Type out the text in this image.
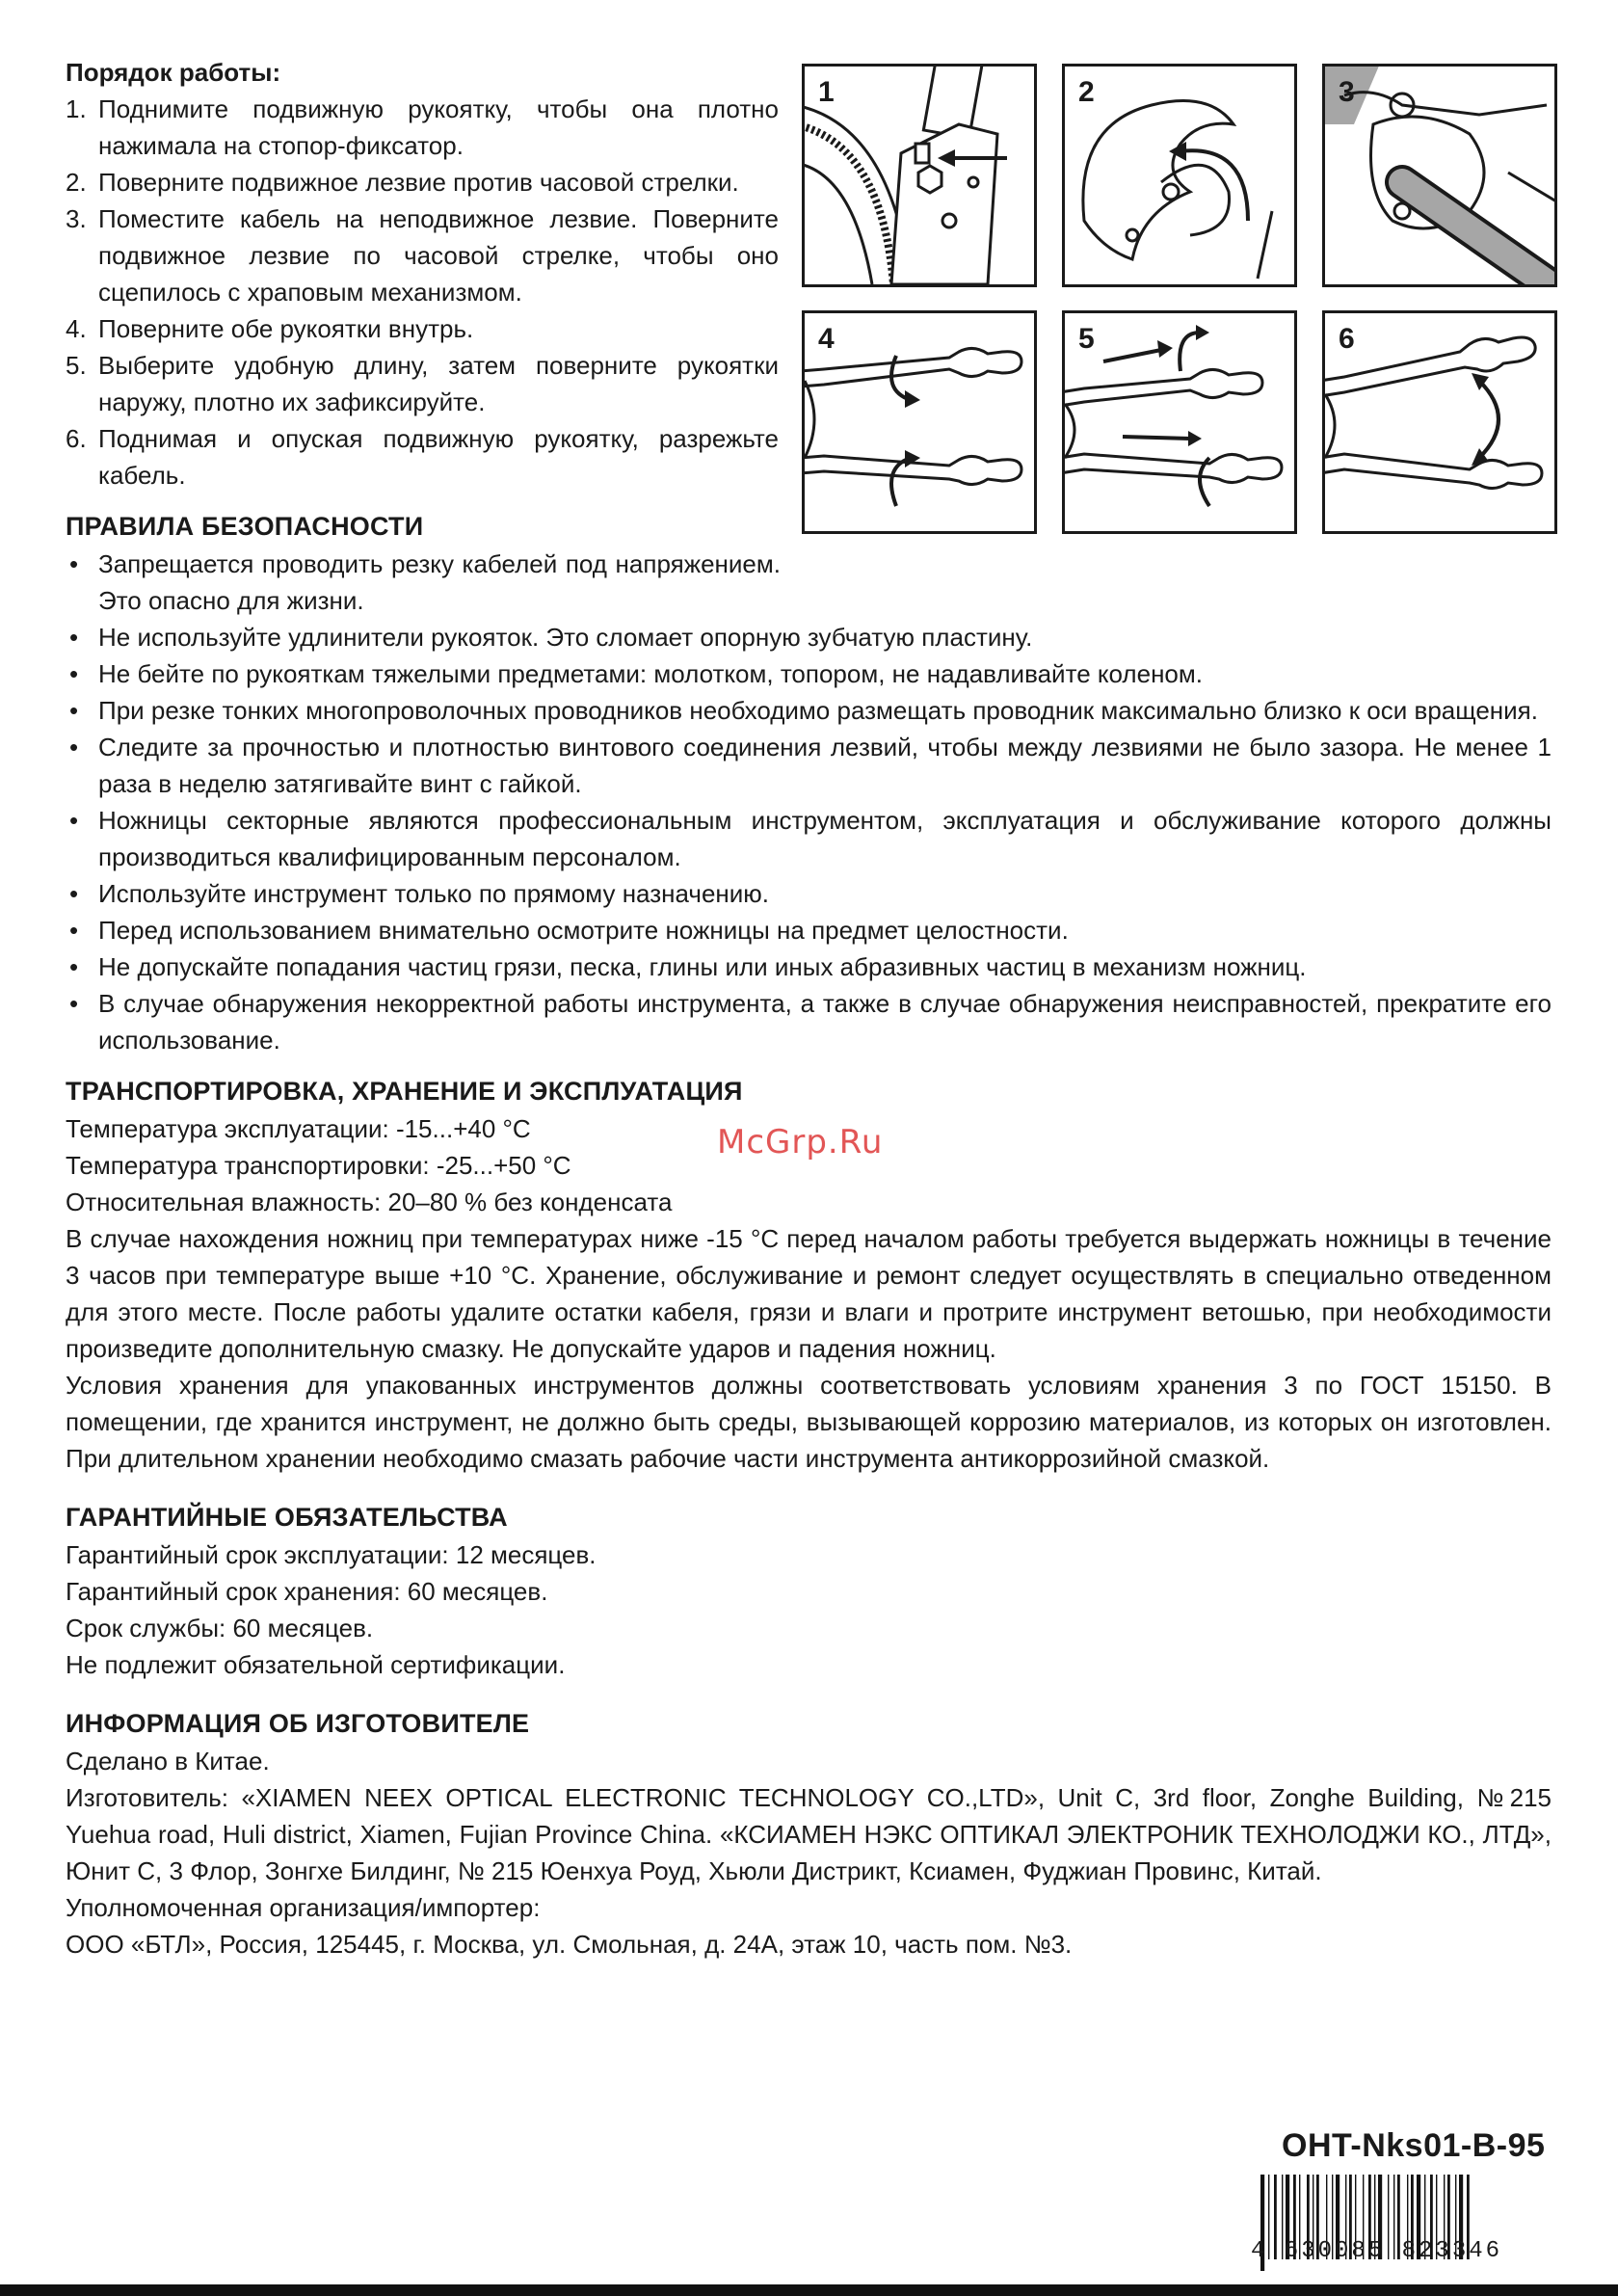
Порядок работы:

1. Поднимите подвижную рукоятку, чтобы она плотно нажимала на стопор-фиксатор.
2. Поверните подвижное лезвие против часовой стрелки.
3. Поместите кабель на неподвижное лезвие. Поверните подвижное лезвие по часовой стрелке, чтобы оно сцепилось с храповым механизмом.
4. Поверните обе рукоятки внутрь.
5. Выберите удобную длину, затем поверните рукоятки наружу, плотно их зафиксируйте.
6. Поднимая и опуская подвижную рукоятку, разрежьте кабель.
ПРАВИЛА БЕЗОПАСНОСТИ
1	2	3
4	5	6
• Запрещается проводить резку кабелей под напряжением. Это опасно для жизни.
• Не используйте удлинители рукояток. Это сломает опорную зубчатую пластину.
• Не бейте по рукояткам тяжелыми предметами: молотком, топором, не надавливайте коленом.
• При резке тонких многопроволочных проводников необходимо размещать проводник максимально близко к оси вращения.
• Следите за прочностью и плотностью винтового соединения лезвий, чтобы между лезвиями не было зазора. Не менее 1 раза в неделю затягивайте винт с гайкой.
• Ножницы секторные являются профессиональным инструментом, эксплуатация и обслуживание которого должны производиться квалифицированным персоналом.
• Используйте инструмент только по прямому назначению.
• Перед использованием внимательно осмотрите ножницы на предмет целостности.
• Не допускайте попадания частиц грязи, песка, глины или иных абразивных частиц в механизм ножниц.
• В случае обнаружения некорректной работы инструмента, а также в случае обнаружения неисправностей, прекратите его использование.
ТРАНСПОРТИРОВКА, ХРАНЕНИЕ И ЭКСПЛУАТАЦИЯ

Температура эксплуатации: -15...+40 °C

Температура транспортировки: -25...+50 °C

Относительная влажность: 20–80 % без конденсата

В случае нахождения ножниц при температурах ниже -15 °C перед началом работы требуется выдержать ножницы в течение 3 часов при температуре выше +10 °C. Хранение, обслуживание и ремонт следует осуществлять в специально отведенном для этого месте. После работы удалите остатки кабеля, грязи и влаги и протрите инструмент ветошью, при необходимости произведите дополнительную смазку. Не допускайте ударов и падения ножниц.

Условия хранения для упакованных инструментов должны соответствовать условиям хранения 3 по ГОСТ 15150. В помещении, где хранится инструмент, не должно быть среды, вызывающей коррозию материалов, из которых он изготовлен. При длительном хранении необходимо смазать рабочие части инструмента антикоррозийной смазкой.

ГАРАНТИЙНЫЕ ОБЯЗАТЕЛЬСТВА

Гарантийный срок эксплуатации: 12 месяцев.

Гарантийный срок хранения: 60 месяцев.

Срок службы: 60 месяцев.

Не подлежит обязательной сертификации.

ИНФОРМАЦИЯ ОБ ИЗГОТОВИТЕЛЕ

Сделано в Китае.

Изготовитель: «XIAMEN NEEX OPTICAL ELECTRONIC TECHNOLOGY CO.,LTD», Unit C, 3rd floor, Zonghe Building, №215 Yuehua road, Huli district, Xiamen, Fujian Province China. «КСИАМЕН НЭКС ОПТИКАЛ ЭЛЕКТРОНИК ТЕХНОЛОДЖИ КО., ЛТД», Юнит C, 3 Флор, Зонгхе Билдинг, № 215 Юенхуа Роуд, Хьюли Дистрикт, Ксиамен, Фуджиан Провинс, Китай.

Уполномоченная организация/импортер:

ООО «БТЛ», Россия, 125445, г. Москва, ул. Смольная, д. 24А, этаж 10, часть пом. №3.

McGrp.Ru
OHT-Nks01-B-95
4 630085 823346
